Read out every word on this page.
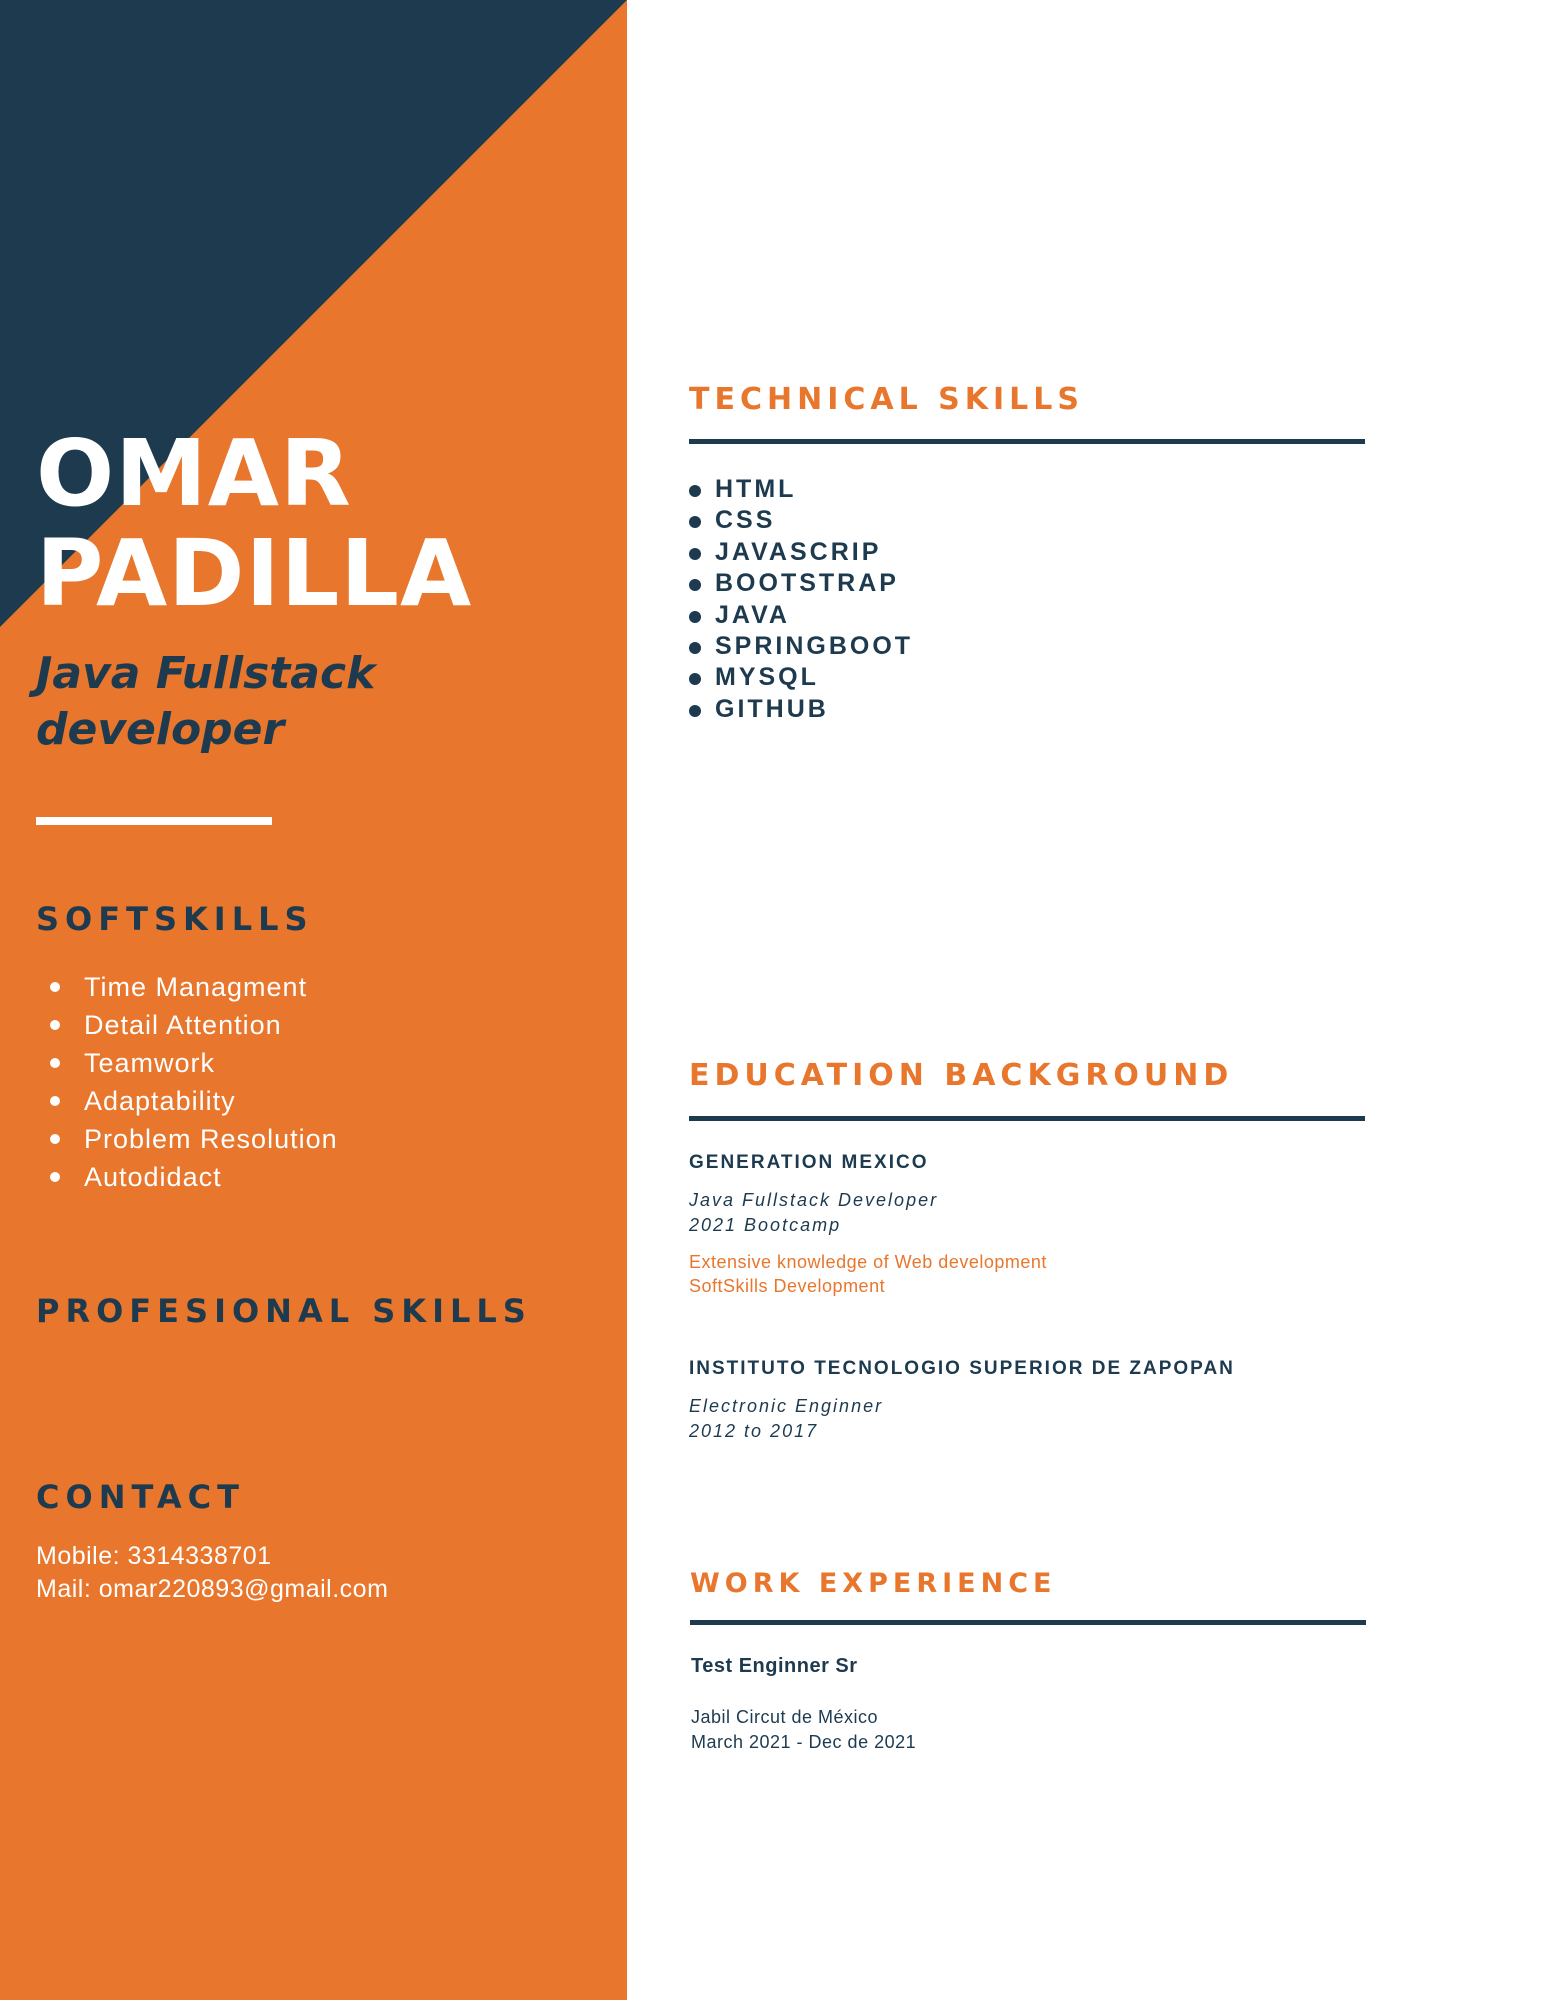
OMAR
PADILLA
Java Fullstack
developer
SOFTSKILLS
Time Managment
Detail Attention
Teamwork
Adaptability
Problem Resolution
Autodidact
PROFESIONAL SKILLS
CONTACT
Mobile: 3314338701
Mail: omar220893@gmail.com
TECHNICAL SKILLS
HTML
CSS
JAVASCRIP
BOOTSTRAP
JAVA
SPRINGBOOT
MYSQL
GITHUB
EDUCATION BACKGROUND
GENERATION MEXICO
Java Fullstack Developer
2021 Bootcamp
Extensive knowledge of Web development
SoftSkills Development
INSTITUTO TECNOLOGIO SUPERIOR DE ZAPOPAN
Electronic Enginner
2012 to 2017
WORK EXPERIENCE
Test Enginner Sr
Jabil Circut de México
March 2021 - Dec de 2021
